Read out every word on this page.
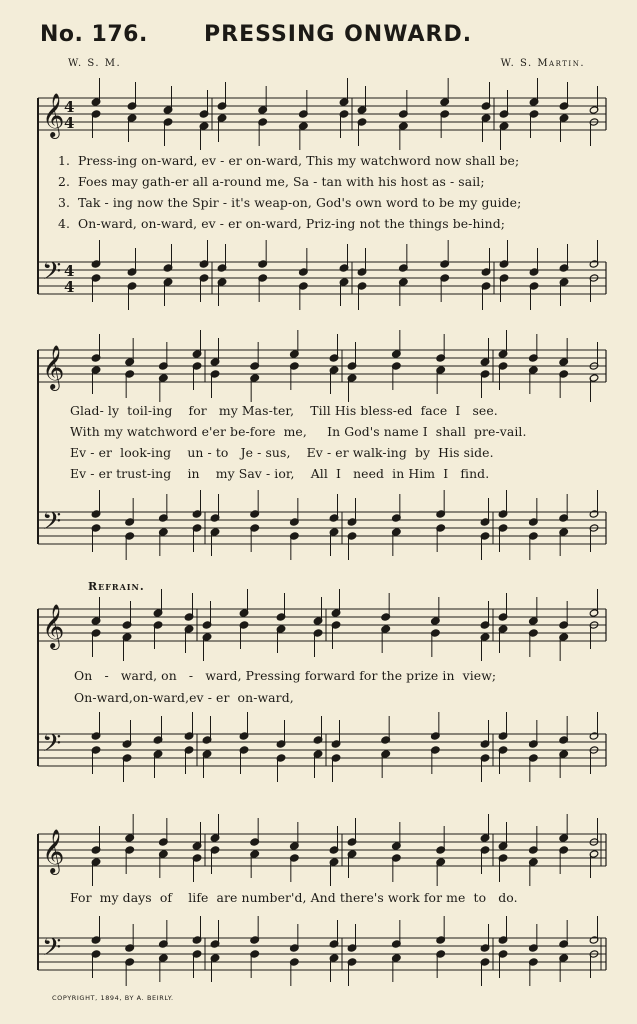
No. 176.	PRESSING ONWARD.
W. S. M.	W. S. Martin.
𝄞
𝄢
4
4
4
4
𝄞
𝄢
𝄞
𝄢
𝄞
𝄢
1. Press-ing on-ward, ev - er on-ward, This my watchword now shall be;
2. Foes may gath-er all a-round me, Sa - tan with his host as - sail;
3. Tak - ing now the Spir - it's weap-on, God's own word to be my guide;
4. On-ward, on-ward, ev - er on-ward, Priz-ing not the things be-hind;
Glad- ly  toil-ing    for   my Mas-ter,    Till His bless-ed  face  I   see.
With my watchword e'er be-fore  me,     In God's name I  shall  pre-vail.
Ev - er  look-ing    un - to   Je - sus,    Ev - er walk-ing  by  His side.
Ev - er trust-ing    in    my Sav - ior,    All  I   need  in Him  I   find.
Refrain.
On   -   ward, on   -   ward, Pressing forward for the prize in  view;
On-ward,on-ward,ev - er  on-ward,
For  my days  of    life  are number'd, And there's work for me  to   do.
COPYRIGHT, 1894, BY A. BEIRLY.
